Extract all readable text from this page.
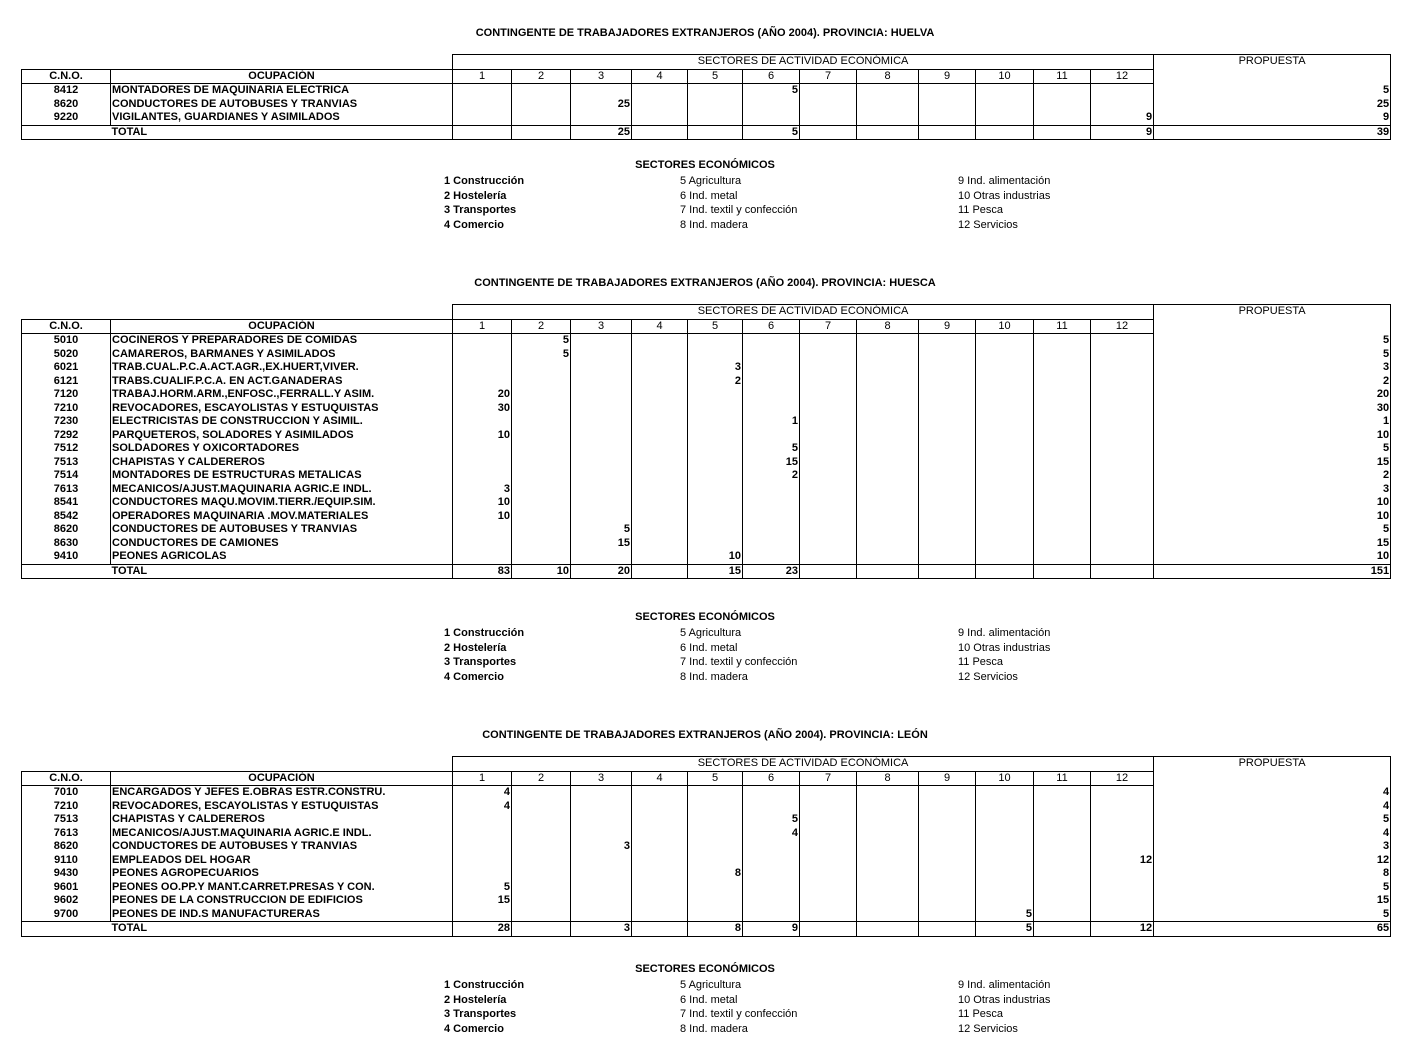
CONTINGENTE DE TRABAJADORES EXTRANJEROS (AÑO 2004). PROVINCIA: HUELVA
		SECTORES DE ACTIVIDAD ECONÓMICA												PROPUESTA
C.N.O.	OCUPACIÓN	1	2	3	4	5	6	7	8	9	10	11	12	
8412	MONTADORES DE MAQUINARIA ELECTRICA						5							5
8620	CONDUCTORES DE AUTOBUSES Y TRANVIAS			25										25
9220	VIGILANTES, GUARDIANES Y ASIMILADOS												9	9
	TOTAL			25			5						9	39
SECTORES ECONÓMICOS
1 Construcción
2 Hostelería
3 Transportes
4 Comercio
5 Agricultura
6 Ind. metal
7 Ind. textil y confección
8 Ind. madera
9 Ind. alimentación
10 Otras industrias
11 Pesca
12 Servicios
CONTINGENTE DE TRABAJADORES EXTRANJEROS (AÑO 2004). PROVINCIA: HUESCA
		SECTORES DE ACTIVIDAD ECONÓMICA												PROPUESTA
C.N.O.	OCUPACIÓN	1	2	3	4	5	6	7	8	9	10	11	12	
5010	COCINEROS Y PREPARADORES DE COMIDAS		5											5
5020	CAMAREROS, BARMANES Y ASIMILADOS		5											5
6021	TRAB.CUAL.P.C.A.ACT.AGR.,EX.HUERT,VIVER.					3								3
6121	TRABS.CUALIF.P.C.A. EN ACT.GANADERAS					2								2
7120	TRABAJ.HORM.ARM.,ENFOSC.,FERRALL.Y ASIM.	20												20
7210	REVOCADORES, ESCAYOLISTAS Y ESTUQUISTAS	30												30
7230	ELECTRICISTAS DE CONSTRUCCION Y ASIMIL.						1							1
7292	PARQUETEROS, SOLADORES Y ASIMILADOS	10												10
7512	SOLDADORES Y OXICORTADORES						5							5
7513	CHAPISTAS Y CALDEREROS						15							15
7514	MONTADORES DE ESTRUCTURAS METALICAS						2							2
7613	MECANICOS/AJUST.MAQUINARIA AGRIC.E INDL.	3												3
8541	CONDUCTORES MAQU.MOVIM.TIERR./EQUIP.SIM.	10												10
8542	OPERADORES MAQUINARIA .MOV.MATERIALES	10												10
8620	CONDUCTORES DE AUTOBUSES Y TRANVIAS			5										5
8630	CONDUCTORES DE CAMIONES			15										15
9410	PEONES AGRICOLAS					10								10
	TOTAL	83	10	20		15	23							151
SECTORES ECONÓMICOS
1 Construcción
2 Hostelería
3 Transportes
4 Comercio
5 Agricultura
6 Ind. metal
7 Ind. textil y confección
8 Ind. madera
9 Ind. alimentación
10 Otras industrias
11 Pesca
12 Servicios
CONTINGENTE DE TRABAJADORES EXTRANJEROS (AÑO 2004). PROVINCIA: LEÓN
		SECTORES DE ACTIVIDAD ECONÓMICA												PROPUESTA
C.N.O.	OCUPACIÓN	1	2	3	4	5	6	7	8	9	10	11	12	
7010	ENCARGADOS Y JEFES E.OBRAS ESTR.CONSTRU.	4												4
7210	REVOCADORES, ESCAYOLISTAS Y ESTUQUISTAS	4												4
7513	CHAPISTAS Y CALDEREROS						5							5
7613	MECANICOS/AJUST.MAQUINARIA AGRIC.E INDL.						4							4
8620	CONDUCTORES DE AUTOBUSES Y TRANVIAS			3										3
9110	EMPLEADOS DEL HOGAR												12	12
9430	PEONES AGROPECUARIOS					8								8
9601	PEONES OO.PP.Y MANT.CARRET.PRESAS Y CON.	5												5
9602	PEONES DE LA CONSTRUCCION DE EDIFICIOS	15												15
9700	PEONES DE IND.S MANUFACTURERAS										5			5
	TOTAL	28		3		8	9				5		12	65
SECTORES ECONÓMICOS
1 Construcción
2 Hostelería
3 Transportes
4 Comercio
5 Agricultura
6 Ind. metal
7 Ind. textil y confección
8 Ind. madera
9 Ind. alimentación
10 Otras industrias
11 Pesca
12 Servicios
